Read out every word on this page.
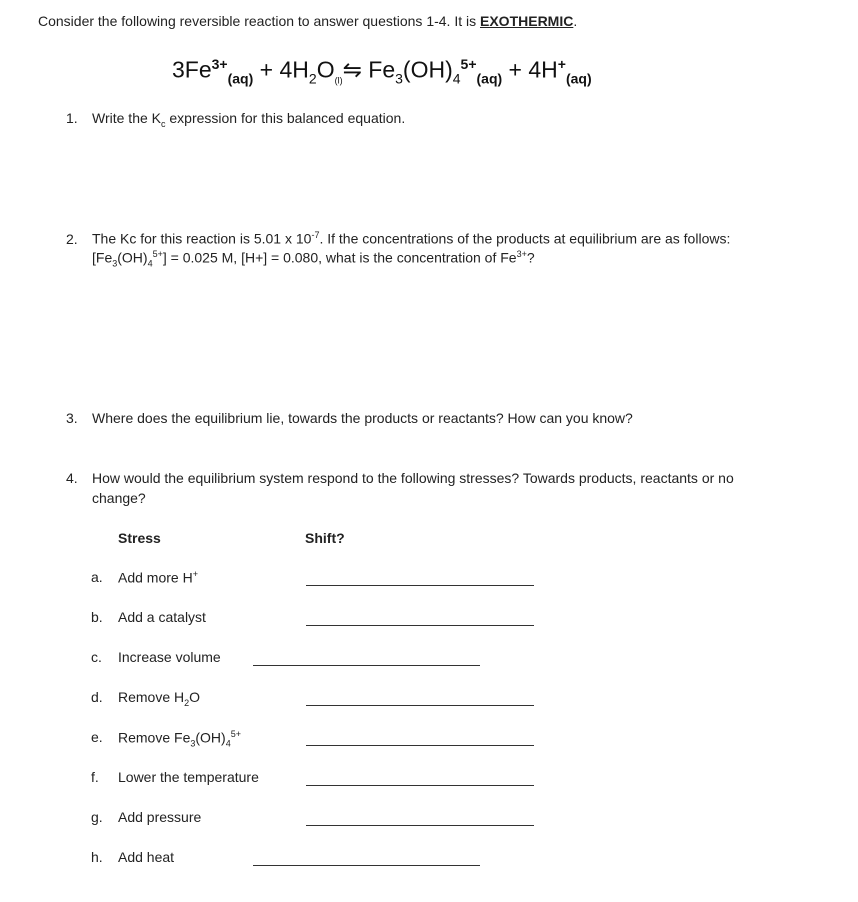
Consider the following reversible reaction to answer questions 1-4. It is EXOTHERMIC.
$3Fe^{3+}_{(aq)}$ + $4H_2O_{(l)}⇋$ $Fe_3(OH)_4^{5+}_{(aq)} + 4H^+_{(aq)}$
1. Write the $K_c$ expression for this balanced equation.
2. The Kc for this reaction is 5.01 x $10^{-7}$. If the concentrations of the products at equilibrium are as follows:
$[Fe_3(OH)_4^{5+}] = 0.025$ M, [H+] = 0.080, what is the concentration of $Fe^{3+}$?
3. Where does the equilibrium lie, towards the products or reactants? How can you know?
4. How would the equilibrium system respond to the following stresses? Towards products, reactants or no
change?
Stress	Shift?
a. Add more H+
b. Add a catalyst
c. Increase volume
d. Remove $H_2O$
e. Remove $Fe_3(OH)_4^{5+}$
f. Lower the temperature
g. Add pressure
h. Add heat
